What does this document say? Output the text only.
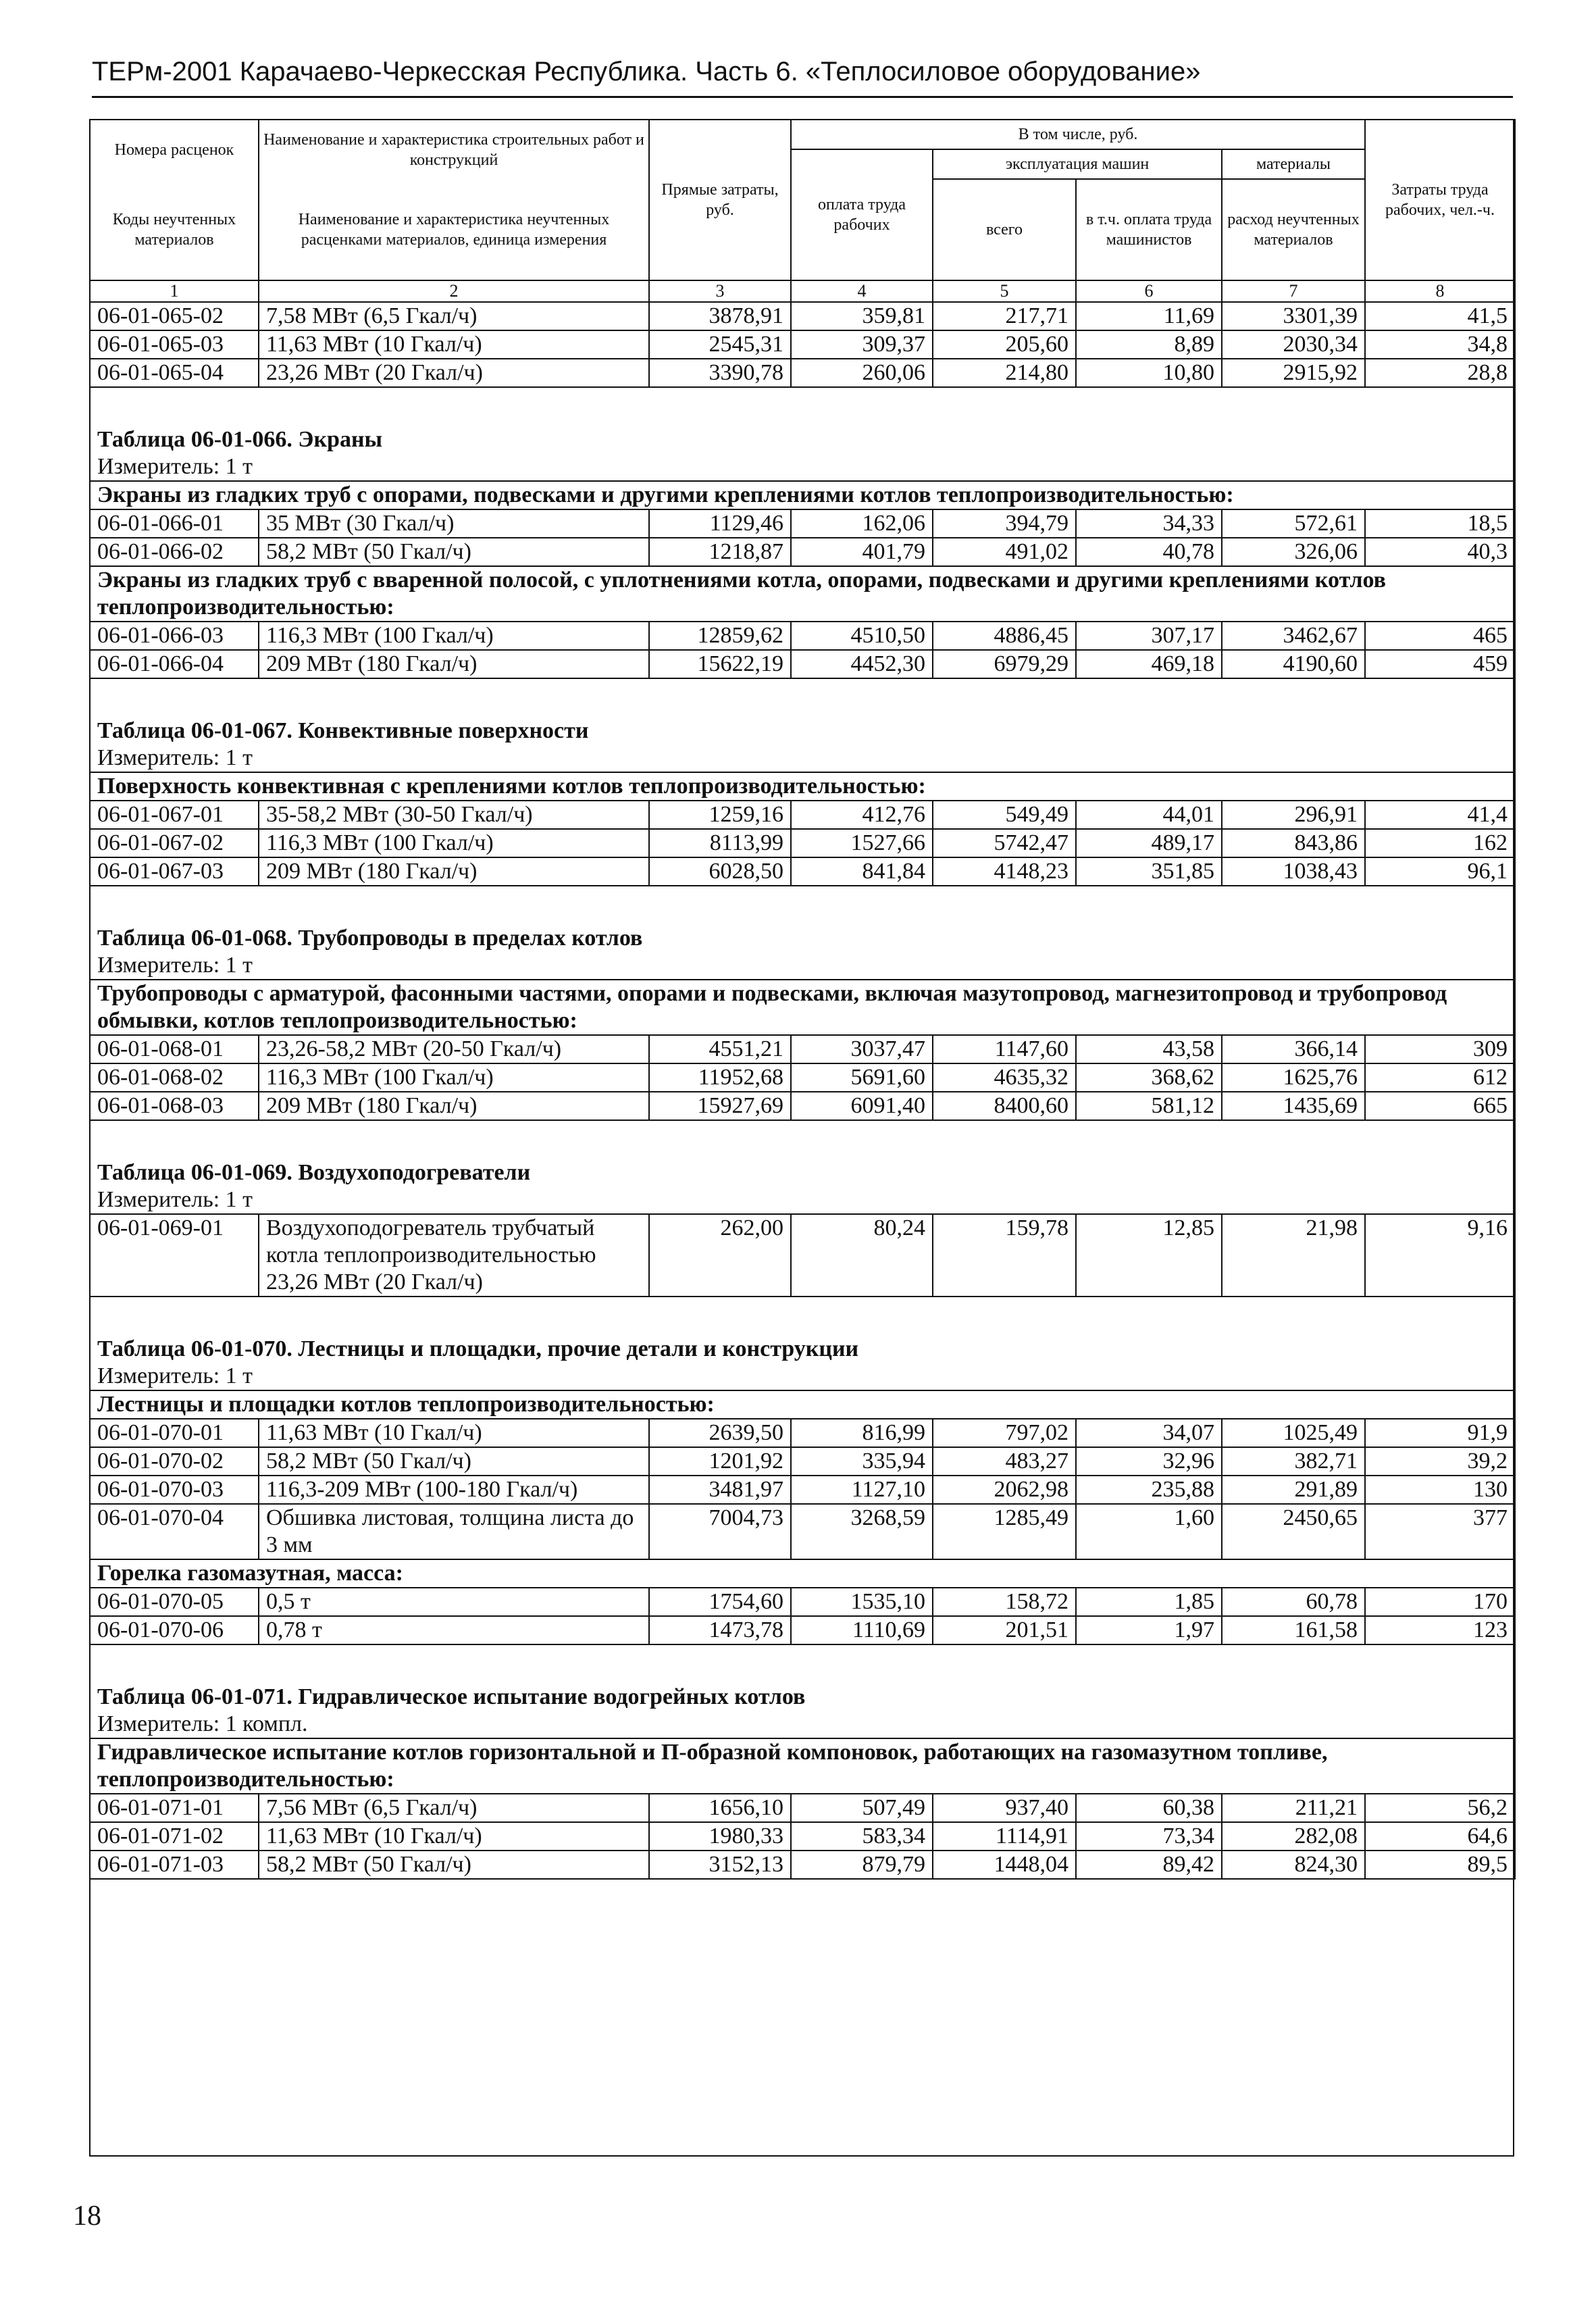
ТЕРм-2001 Карачаево-Черкесская Республика. Часть 6. «Теплосиловое оборудование»
Номера расценок	Наименование и характеристика строительных работ и конструкций	Прямые затраты, руб.	В том числе, руб.				Затраты труда рабочих, чел.-ч.
			оплата труда рабочих	эксплуатация машин		материалы	
Коды неучтенных материалов	Наименование и характеристика неучтенных расценками материалов, единица измерения			всего	в т.ч. оплата труда машинистов	расход неучтенных материалов	
1	2	3	4	5	6	7	8
06-01-065-02	7,58 МВт (6,5 Гкал/ч)	3878,91	359,81	217,71	11,69	3301,39	41,5
06-01-065-03	11,63 МВт (10 Гкал/ч)	2545,31	309,37	205,60	8,89	2030,34	34,8
06-01-065-04	23,26 МВт (20 Гкал/ч)	3390,78	260,06	214,80	10,80	2915,92	28,8

Таблица 06-01-066. Экраны							
Измеритель: 1 т							
Экраны из гладких труб с опорами, подвесками и другими креплениями котлов теплопроизводительностью:							
06-01-066-01	35 МВт (30 Гкал/ч)	1129,46	162,06	394,79	34,33	572,61	18,5
06-01-066-02	58,2 МВт (50 Гкал/ч)	1218,87	401,79	491,02	40,78	326,06	40,3
Экраны из гладких труб с вваренной полосой, с уплотнениями котла, опорами, подвесками и другими креплениями котлов теплопроизводительностью:							
06-01-066-03	116,3 МВт (100 Гкал/ч)	12859,62	4510,50	4886,45	307,17	3462,67	465
06-01-066-04	209 МВт (180 Гкал/ч)	15622,19	4452,30	6979,29	469,18	4190,60	459

Таблица 06-01-067. Конвективные поверхности							
Измеритель: 1 т							
Поверхность конвективная с креплениями котлов теплопроизводительностью:							
06-01-067-01	35-58,2 МВт (30-50 Гкал/ч)	1259,16	412,76	549,49	44,01	296,91	41,4
06-01-067-02	116,3 МВт (100 Гкал/ч)	8113,99	1527,66	5742,47	489,17	843,86	162
06-01-067-03	209 МВт (180 Гкал/ч)	6028,50	841,84	4148,23	351,85	1038,43	96,1

Таблица 06-01-068. Трубопроводы в пределах котлов							
Измеритель: 1 т							
Трубопроводы с арматурой, фасонными частями, опорами и подвесками, включая мазутопровод, магнезитопровод и трубопровод обмывки, котлов теплопроизводительностью:							
06-01-068-01	23,26-58,2 МВт (20-50 Гкал/ч)	4551,21	3037,47	1147,60	43,58	366,14	309
06-01-068-02	116,3 МВт (100 Гкал/ч)	11952,68	5691,60	4635,32	368,62	1625,76	612
06-01-068-03	209 МВт (180 Гкал/ч)	15927,69	6091,40	8400,60	581,12	1435,69	665

Таблица 06-01-069. Воздухоподогреватели							
Измеритель: 1 т							
06-01-069-01	Воздухоподогреватель трубчатый котла теплопроизводительностью 23,26 МВт (20 Гкал/ч)	262,00	80,24	159,78	12,85	21,98	9,16

Таблица 06-01-070. Лестницы и площадки, прочие детали и конструкции							
Измеритель: 1 т							
Лестницы и площадки котлов теплопроизводительностью:							
06-01-070-01	11,63 МВт (10 Гкал/ч)	2639,50	816,99	797,02	34,07	1025,49	91,9
06-01-070-02	58,2 МВт (50 Гкал/ч)	1201,92	335,94	483,27	32,96	382,71	39,2
06-01-070-03	116,3-209 МВт (100-180 Гкал/ч)	3481,97	1127,10	2062,98	235,88	291,89	130
06-01-070-04	Обшивка листовая, толщина листа до 3 мм	7004,73	3268,59	1285,49	1,60	2450,65	377
Горелка газомазутная, масса:							
06-01-070-05	0,5 т	1754,60	1535,10	158,72	1,85	60,78	170
06-01-070-06	0,78 т	1473,78	1110,69	201,51	1,97	161,58	123

Таблица 06-01-071. Гидравлическое испытание водогрейных котлов							
Измеритель: 1 компл.							
Гидравлическое испытание котлов горизонтальной и П-образной компоновок, работающих на газомазутном топливе, теплопроизводительностью:							
06-01-071-01	7,56 МВт (6,5 Гкал/ч)	1656,10	507,49	937,40	60,38	211,21	56,2
06-01-071-02	11,63 МВт (10 Гкал/ч)	1980,33	583,34	1114,91	73,34	282,08	64,6
06-01-071-03	58,2 МВт (50 Гкал/ч)	3152,13	879,79	1448,04	89,42	824,30	89,5
18
